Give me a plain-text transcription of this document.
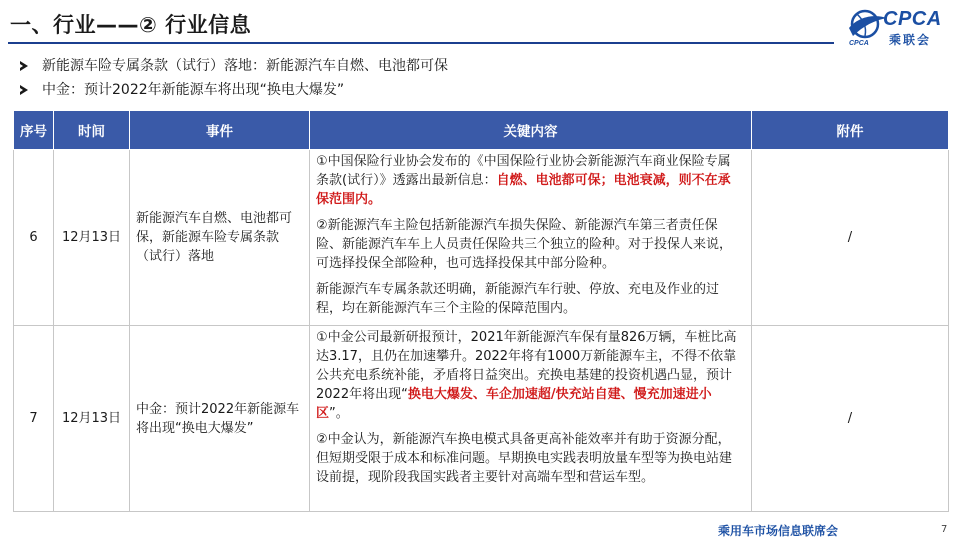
一、行业——② 行业信息
CPCA
CPCA
乘联会
新能源车险专属条款（试行）落地：新能源汽车自燃、电池都可保
中金：预计2022年新能源车将出现“换电大爆发”
序号	时间	事件	关键内容	附件
6	12月13日	新能源汽车自燃、电池都可保，新能源车险专属条款（试行）落地	①中国保险行业协会发布的《中国保险行业协会新能源汽车商业保险专属条款(试行）》透露出最新信息：自燃、电池都可保；电池衰减，则不在承保范围内。

②新能源汽车主险包括新能源汽车损失保险、新能源汽车第三者责任保险、新能源汽车车上人员责任保险共三个独立的险种。对于投保人来说，可选择投保全部险种，也可选择投保其中部分险种。

新能源汽车专属条款还明确，新能源汽车行驶、停放、充电及作业的过程，均在新能源汽车三个主险的保障范围内。	/
7	12月13日	中金：预计2022年新能源车将出现“换电大爆发”	①中金公司最新研报预计，2021年新能源汽车保有量826万辆，车桩比高达3.17，且仍在加速攀升。2022年将有1000万新能源车主，不得不依靠公共充电系统补能，矛盾将日益突出。充换电基建的投资机遇凸显，预计2022年将出现“换电大爆发、车企加速超/快充站自建、慢充加速进小区”。

②中金认为，新能源汽车换电模式具备更高补能效率并有助于资源分配，但短期受限于成本和标准问题。早期换电实践表明放量车型等为换电站建设前提，现阶段我国实践者主要针对高端车型和营运车型。	/
乘用车市场信息联席会	7
